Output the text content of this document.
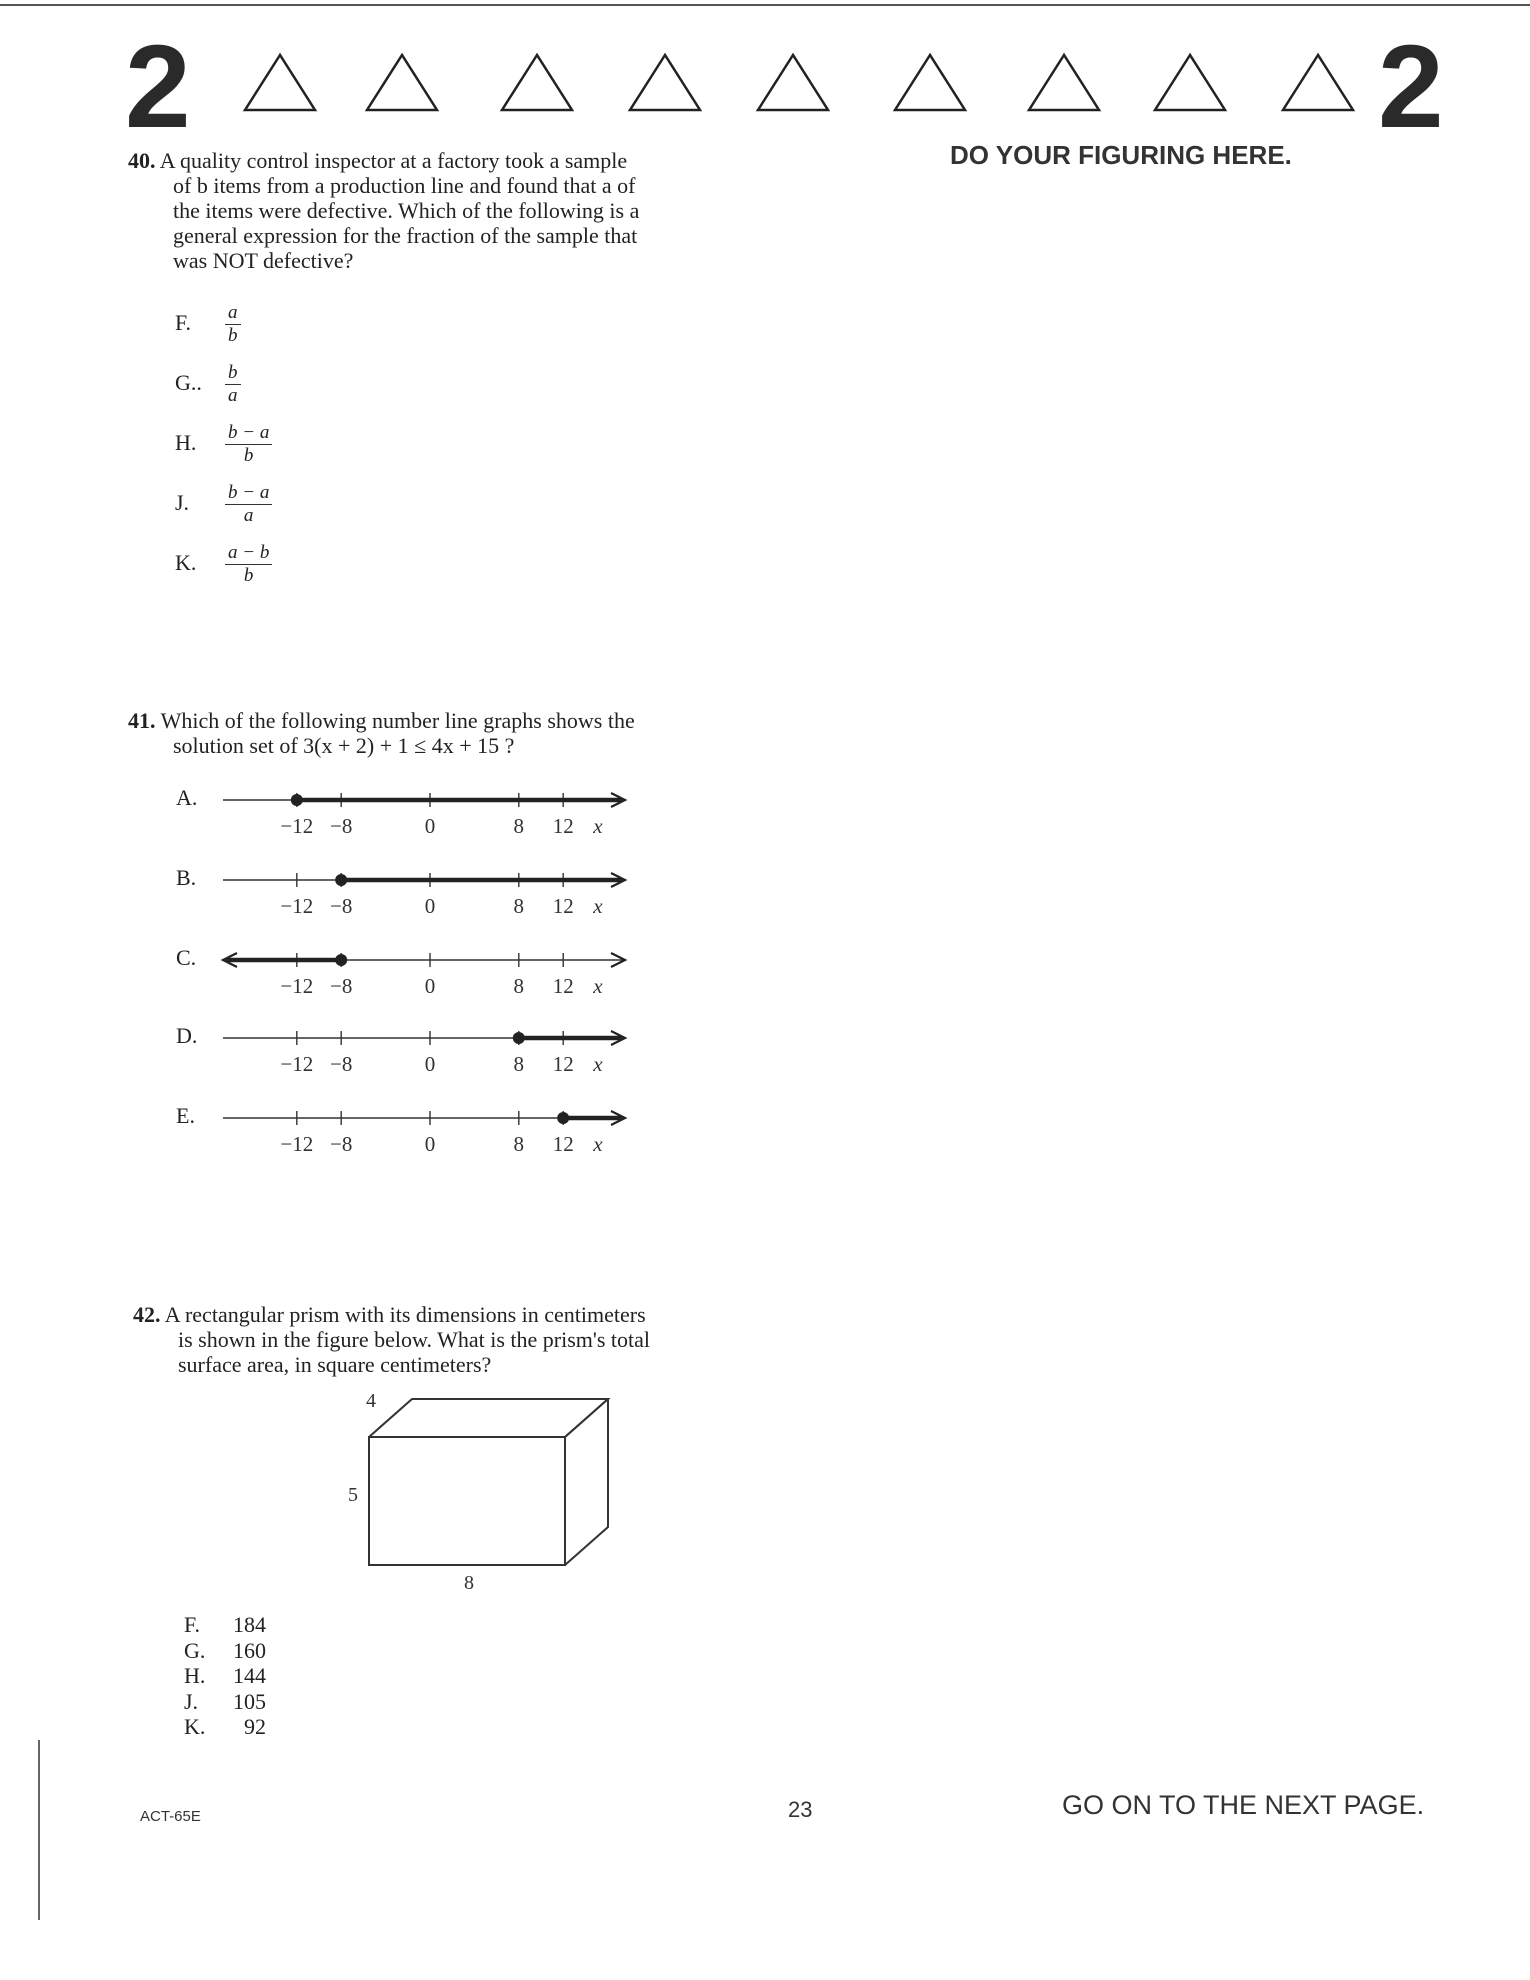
2	2
DO YOUR FIGURING HERE.
40. A quality control inspector at a factory took a sample
of b items from a production line and found that a of
the items were defective. Which of the following is a
general expression for the fraction of the sample that
was NOT defective?
F. $\frac{a}{b}$
G.. $\frac{b}{a}$
H. $\frac{b - a}{b}$
J. $\frac{b - a}{a}$
K. $\frac{a - b}{b}$
41. Which of the following number line graphs shows the
solution set of 3(x + 2) + 1 ≤ 4x + 15 ?
A.
−12 −8	0	8 12 x
B.
−12 −8	0	8 12 x
C.
−12 −8	0	8 12 x
D.
−12 −8	0	8 12 x
E.
−12 −8	0	8 12 x
42. A rectangular prism with its dimensions in centimeters
is shown in the figure below. What is the prism's total
surface area, in square centimeters?
4
5
8
F. 184
G. 160
H. 144
J. 105
K. 92
ACT-65E	23	GO ON TO THE NEXT PAGE.
